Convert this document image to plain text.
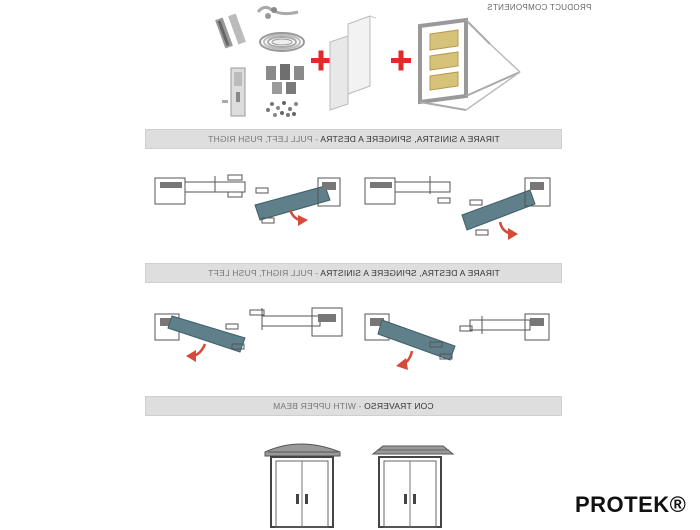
PRODUCT COMPONENTS
TIRARE A SINISTRA, SPINGERE A DESTRA - PULL LEFT, PUSH RIGHT
TIRARE A DESTRA, SPINGERE A SINISTRA - PULL RIGHT, PUSH LEFT
CON TRAVERSO - WITH UPPER BEAM
PROTEK®
